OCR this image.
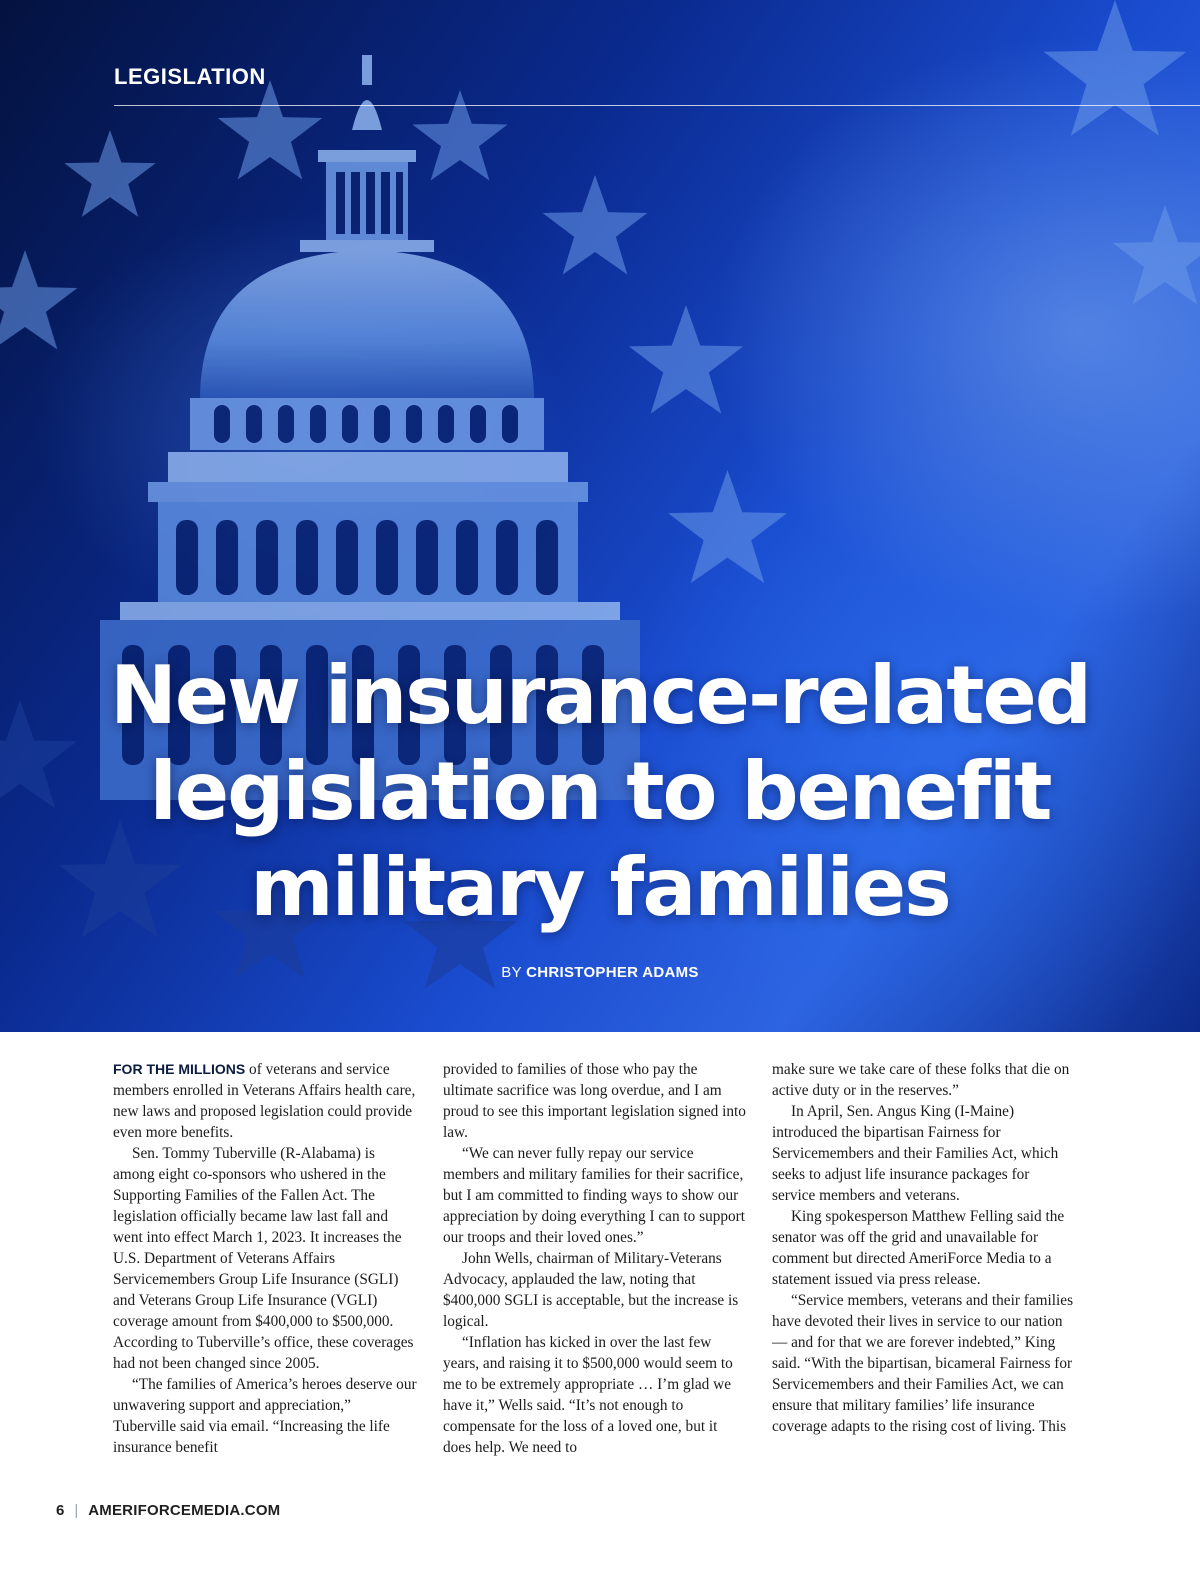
LEGISLATION

New insurance-related
legislation to benefit
military families

BY CHRISTOPHER ADAMS

FOR THE MILLIONS of veterans and service members enrolled in Veterans Affairs health care, new laws and proposed legislation could provide even more benefits.

Sen. Tommy Tuberville (R-Alabama) is among eight co-sponsors who ushered in the Supporting Families of the Fallen Act. The legislation officially became law last fall and went into effect March 1, 2023. It increases the U.S. Department of Veterans Affairs Servicemembers Group Life Insurance (SGLI) and Veterans Group Life Insurance (VGLI) coverage amount from $400,000 to $500,000. According to Tuberville’s office, these coverages had not been changed since 2005.

“The families of America’s heroes deserve our unwavering support and appreciation,” Tuberville said via email. “Increasing the life insurance benefit

provided to families of those who pay the ultimate sacrifice was long overdue, and I am proud to see this important legislation signed into law.

“We can never fully repay our service members and military families for their sacrifice, but I am committed to finding ways to show our appreciation by doing everything I can to support our troops and their loved ones.”

John Wells, chairman of Military-Veterans Advocacy, applauded the law, noting that $400,000 SGLI is acceptable, but the increase is logical.

“Inflation has kicked in over the last few years, and raising it to $500,000 would seem to me to be extremely appropriate … I’m glad we have it,” Wells said. “It’s not enough to compensate for the loss of a loved one, but it does help. We need to

make sure we take care of these folks that die on active duty or in the reserves.”

In April, Sen. Angus King (I-Maine) introduced the bipartisan Fairness for Servicemembers and their Families Act, which seeks to adjust life insurance packages for service members and veterans.

King spokesperson Matthew Felling said the senator was off the grid and unavailable for comment but directed AmeriForce Media to a statement issued via press release.

“Service members, veterans and their families have devoted their lives in service to our nation — and for that we are forever indebted,” King said. “With the bipartisan, bicameral Fairness for Servicemembers and their Families Act, we can ensure that military families’ life insurance coverage adapts to the rising cost of living. This

6 | AMERIFORCEMEDIA.COM
